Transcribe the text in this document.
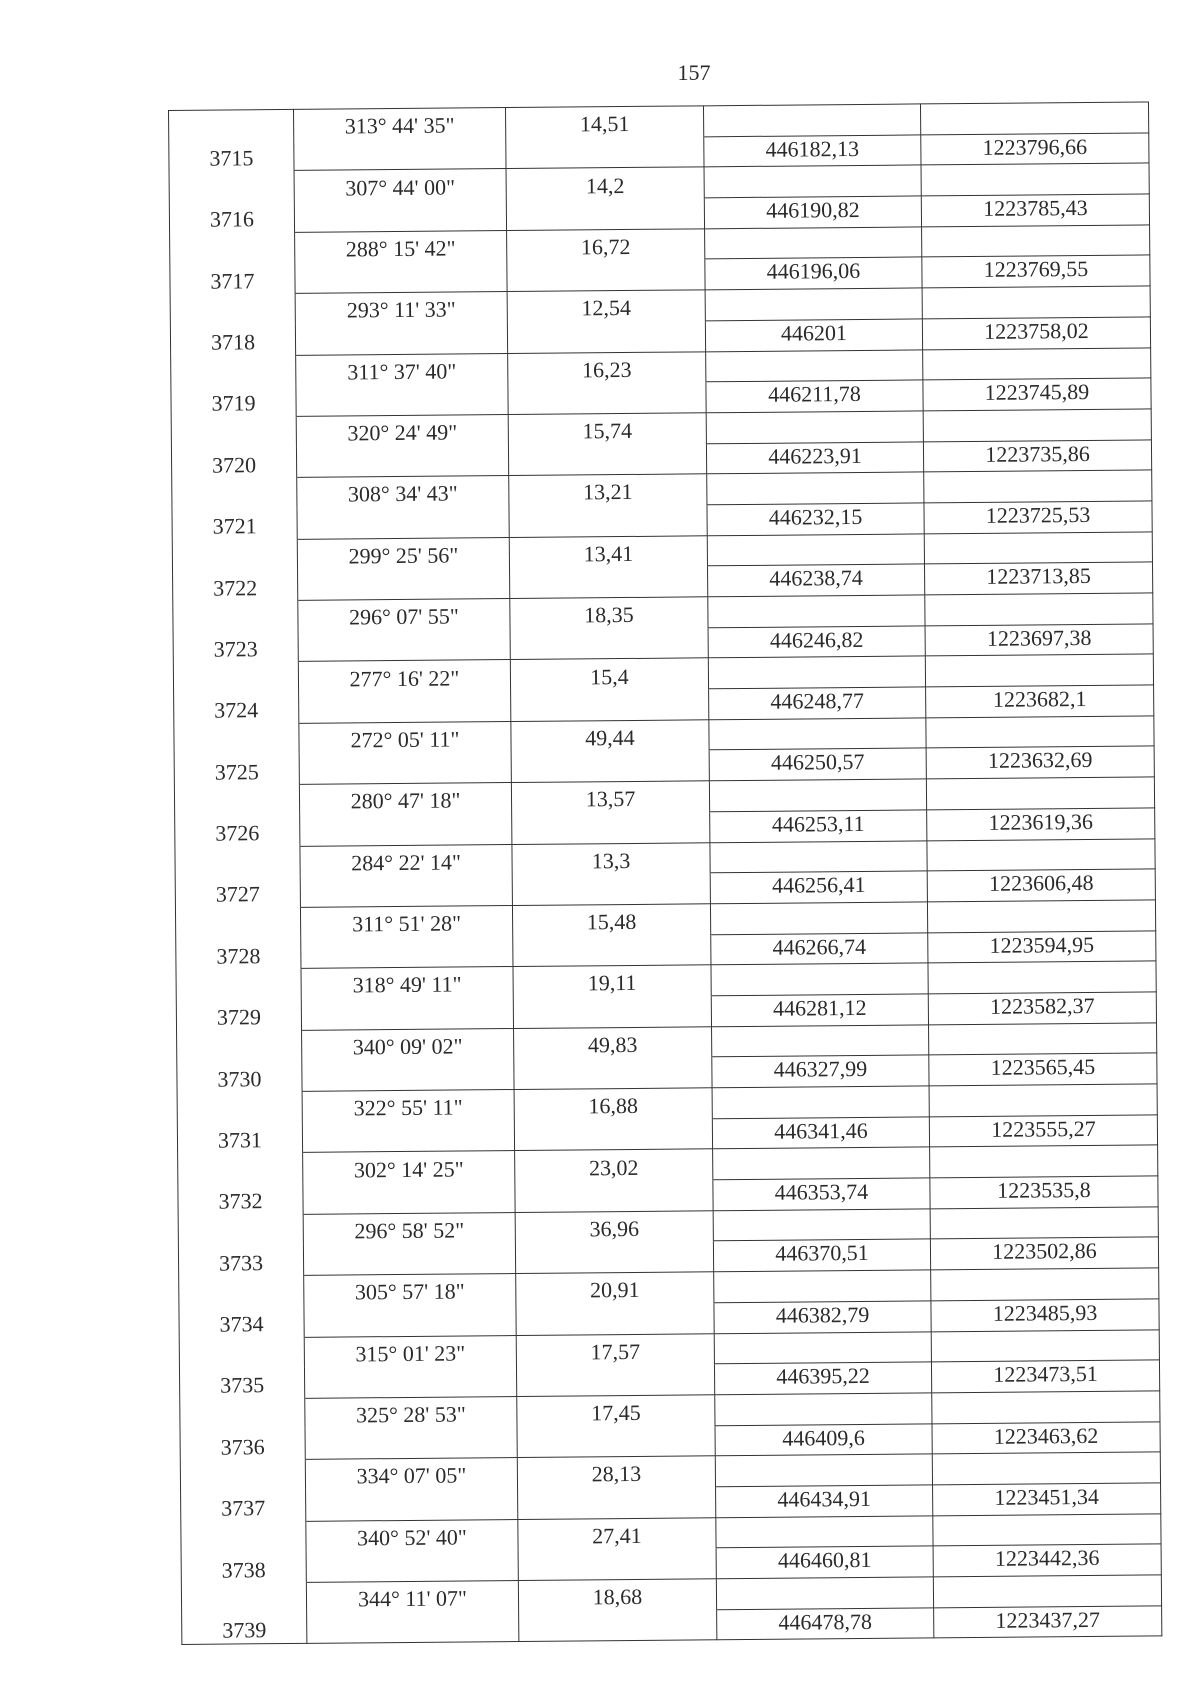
157
	313° 44' 35"	14,51		
3715			446182,13	1223796,66
	307° 44' 00"	14,2		
3716			446190,82	1223785,43
	288° 15' 42"	16,72		
3717			446196,06	1223769,55
	293° 11' 33"	12,54		
3718			446201	1223758,02
	311° 37' 40"	16,23		
3719			446211,78	1223745,89
	320° 24' 49"	15,74		
3720			446223,91	1223735,86
	308° 34' 43"	13,21		
3721			446232,15	1223725,53
	299° 25' 56"	13,41		
3722			446238,74	1223713,85
	296° 07' 55"	18,35		
3723			446246,82	1223697,38
	277° 16' 22"	15,4		
3724			446248,77	1223682,1
	272° 05' 11"	49,44		
3725			446250,57	1223632,69
	280° 47' 18"	13,57		
3726			446253,11	1223619,36
	284° 22' 14"	13,3		
3727			446256,41	1223606,48
	311° 51' 28"	15,48		
3728			446266,74	1223594,95
	318° 49' 11"	19,11		
3729			446281,12	1223582,37
	340° 09' 02"	49,83		
3730			446327,99	1223565,45
	322° 55' 11"	16,88		
3731			446341,46	1223555,27
	302° 14' 25"	23,02		
3732			446353,74	1223535,8
	296° 58' 52"	36,96		
3733			446370,51	1223502,86
	305° 57' 18"	20,91		
3734			446382,79	1223485,93
	315° 01' 23"	17,57		
3735			446395,22	1223473,51
	325° 28' 53"	17,45		
3736			446409,6	1223463,62
	334° 07' 05"	28,13		
3737			446434,91	1223451,34
	340° 52' 40"	27,41		
3738			446460,81	1223442,36
	344° 11' 07"	18,68		
3739			446478,78	1223437,27
